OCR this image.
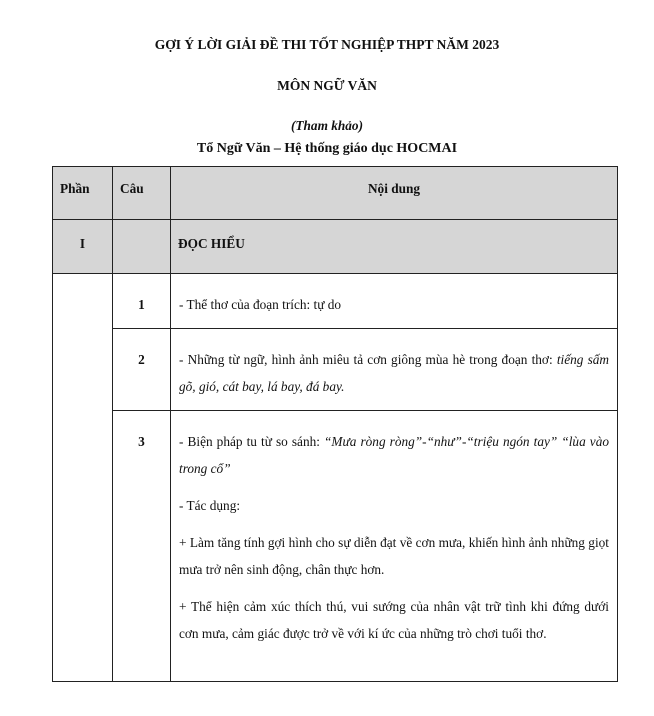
GỢI Ý LỜI GIẢI ĐỀ THI TỐT NGHIỆP THPT NĂM 2023
MÔN NGỮ VĂN
(Tham khảo)
Tổ Ngữ Văn – Hệ thống giáo dục HOCMAI
Phần	Câu	Nội dung

I		ĐỌC HIỂU

	1	- Thể thơ của đoạn trích: tự do

	2	- Những từ ngữ, hình ảnh miêu tả cơn giông mùa hè trong đoạn thơ: tiếng sấm gõ, gió, cát bay, lá bay, đá bay.

	3	- Biện pháp tu từ so sánh: “Mưa ròng ròng”-“như”-“triệu ngón tay” “lùa vào trong cổ”

- Tác dụng:

+ Làm tăng tính gợi hình cho sự diễn đạt về cơn mưa, khiến hình ảnh những giọt mưa trở nên sinh động, chân thực hơn.

+ Thể hiện cảm xúc thích thú, vui sướng của nhân vật trữ tình khi đứng dưới cơn mưa, cảm giác được trở về với kí ức của những trò chơi tuổi thơ.
